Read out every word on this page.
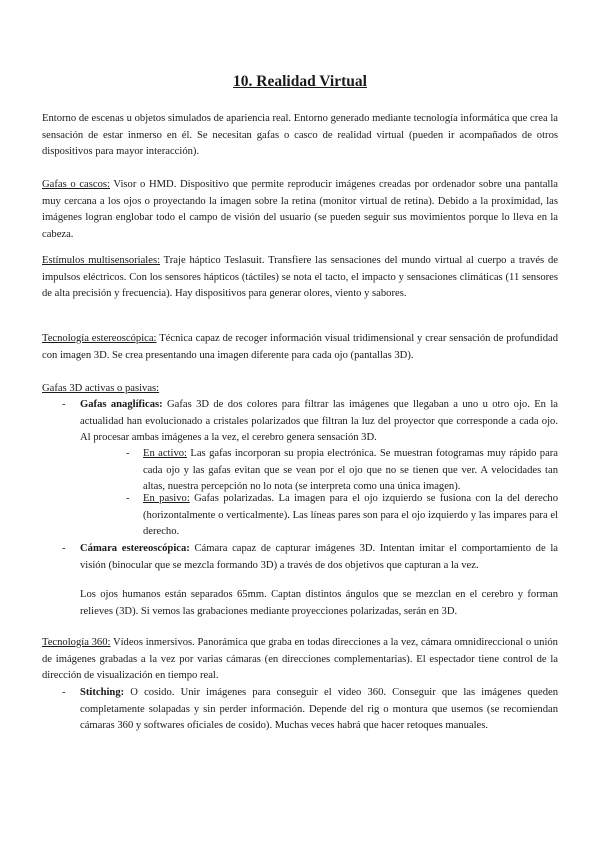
10. Realidad Virtual
Entorno de escenas u objetos simulados de apariencia real. Entorno generado mediante tecnología informática que crea la sensación de estar inmerso en él. Se necesitan gafas o casco de realidad virtual (pueden ir acompañados de otros dispositivos para mayor interacción).
Gafas o cascos: Visor o HMD. Dispositivo que permite reproducir imágenes creadas por ordenador sobre una pantalla muy cercana a los ojos o proyectando la imagen sobre la retina (monitor virtual de retina). Debido a la proximidad, las imágenes logran englobar todo el campo de visión del usuario (se pueden seguir sus movimientos porque lo lleva en la cabeza.
Estímulos multisensoriales: Traje háptico Teslasuit. Transfiere las sensaciones del mundo virtual al cuerpo a través de impulsos eléctricos. Con los sensores hápticos (táctiles) se nota el tacto, el impacto y sensaciones climáticas (11 sensores de alta precisión y frecuencia). Hay dispositivos para generar olores, viento y sabores.
Tecnología estereoscópica: Técnica capaz de recoger información visual tridimensional y crear sensación de profundidad con imagen 3D. Se crea presentando una imagen diferente para cada ojo (pantallas 3D).
Gafas 3D activas o pasivas:
- Gafas anaglíficas: Gafas 3D de dos colores para filtrar las imágenes que llegaban a uno u otro ojo. En la actualidad han evolucionado a cristales polarizados que filtran la luz del proyector que corresponde a cada ojo. Al procesar ambas imágenes a la vez, el cerebro genera sensación 3D.
- En activo: Las gafas incorporan su propia electrónica. Se muestran fotogramas muy rápido para cada ojo y las gafas evitan que se vean por el ojo que no se tienen que ver. A velocidades tan altas, nuestra percepción no lo nota (se interpreta como una única imagen).
- En pasivo: Gafas polarizadas. La imagen para el ojo izquierdo se fusiona con la del derecho (horizontalmente o verticalmente). Las líneas pares son para el ojo izquierdo y las impares para el derecho.
- Cámara estereoscópica: Cámara capaz de capturar imágenes 3D. Intentan imitar el comportamiento de la visión (binocular que se mezcla formando 3D) a través de dos objetivos que capturan a la vez.
Los ojos humanos están separados 65mm. Captan distintos ángulos que se mezclan en el cerebro y forman relieves (3D). Si vemos las grabaciones mediante proyecciones polarizadas, serán en 3D.
Tecnología 360: Vídeos inmersivos. Panorámica que graba en todas direcciones a la vez, cámara omnidireccional o unión de imágenes grabadas a la vez por varias cámaras (en direcciones complementarias). El espectador tiene control de la dirección de visualización en tiempo real.
- Stitching: O cosido. Unir imágenes para conseguir el video 360. Conseguir que las imágenes queden completamente solapadas y sin perder información. Depende del rig o montura que usemos (se recomiendan cámaras 360 y softwares oficiales de cosido). Muchas veces habrá que hacer retoques manuales.
